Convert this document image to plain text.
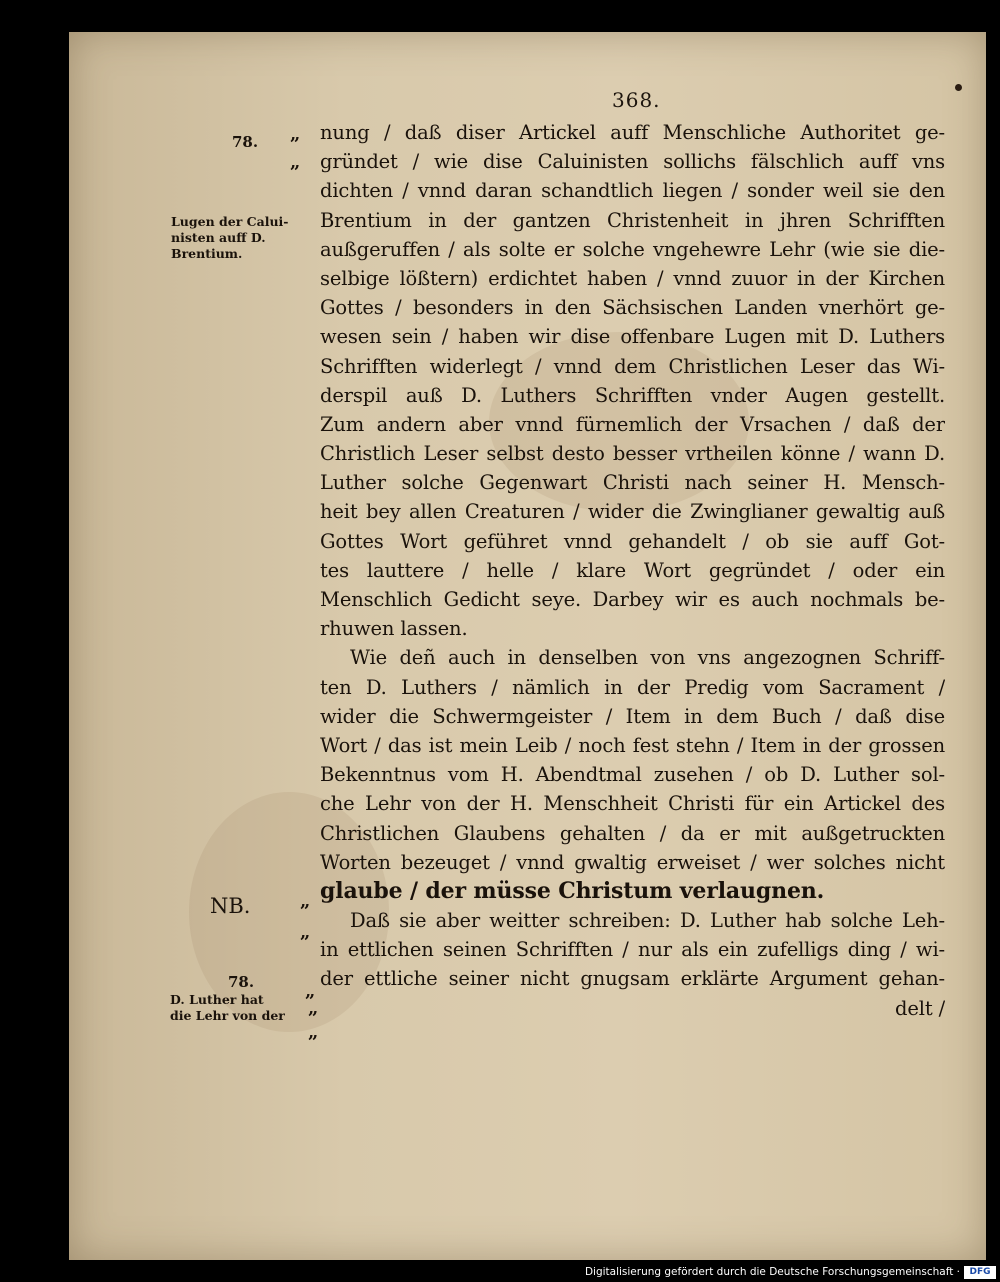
368.
78.
Lugen der Calui-
nisten auff D.
Brentium.
NB.
78.
D. Luther hat
die Lehr von der
„
„
„
„
„
„
„
nung / daß diser Artickel auff Menschliche Authoritet ge-
gründet / wie dise Caluinisten sollichs fälschlich auff vns
dichten / vnnd daran schandtlich liegen / sonder weil sie den
Brentium in der gantzen Christenheit in jhren Schrifften
außgeruffen / als solte er solche vngehewre Lehr (wie sie die-
selbige lößtern) erdichtet haben / vnnd zuuor in der Kirchen
Gottes / besonders in den Sächsischen Landen vnerhört ge-
wesen sein / haben wir dise offenbare Lugen mit D. Luthers
Schrifften widerlegt / vnnd dem Christlichen Leser das Wi-
derspil auß D. Luthers Schrifften vnder Augen gestellt.
Zum andern aber vnnd fürnemlich der Vrsachen / daß der
Christlich Leser selbst desto besser vrtheilen könne / wann D.
Luther solche Gegenwart Christi nach seiner H. Mensch-
heit bey allen Creaturen / wider die Zwinglianer gewaltig auß
Gottes Wort geführet vnnd gehandelt / ob sie auff Got-
tes lauttere / helle / klare Wort gegründet / oder ein
Menschlich Gedicht seye. Darbey wir es auch nochmals be-
rhuwen lassen.
Wie deñ auch in denselben von vns angezognen Schriff-
ten D. Luthers / nämlich in der Predig vom Sacrament /
wider die Schwermgeister / Item in dem Buch / daß dise
Wort / das ist mein Leib / noch fest stehn / Item in der grossen
Bekenntnus vom H. Abendtmal zusehen / ob D. Luther sol-
che Lehr von der H. Menschheit Christi für ein Artickel des
Christlichen Glaubens gehalten / da er mit außgetruckten
Worten bezeuget / vnnd gwaltig erweiset / wer solches nicht
glaube / der müsse Christum verlaugnen.
Daß sie aber weitter schreiben: D. Luther hab solche Leh-
in ettlichen seinen Schrifften / nur als ein zufelligs ding / wi-
der ettliche seiner nicht gnugsam erklärte Argument gehan-
delt /
Digitalisierung gefördert durch die Deutsche Forschungsgemeinschaft ·	DFG
